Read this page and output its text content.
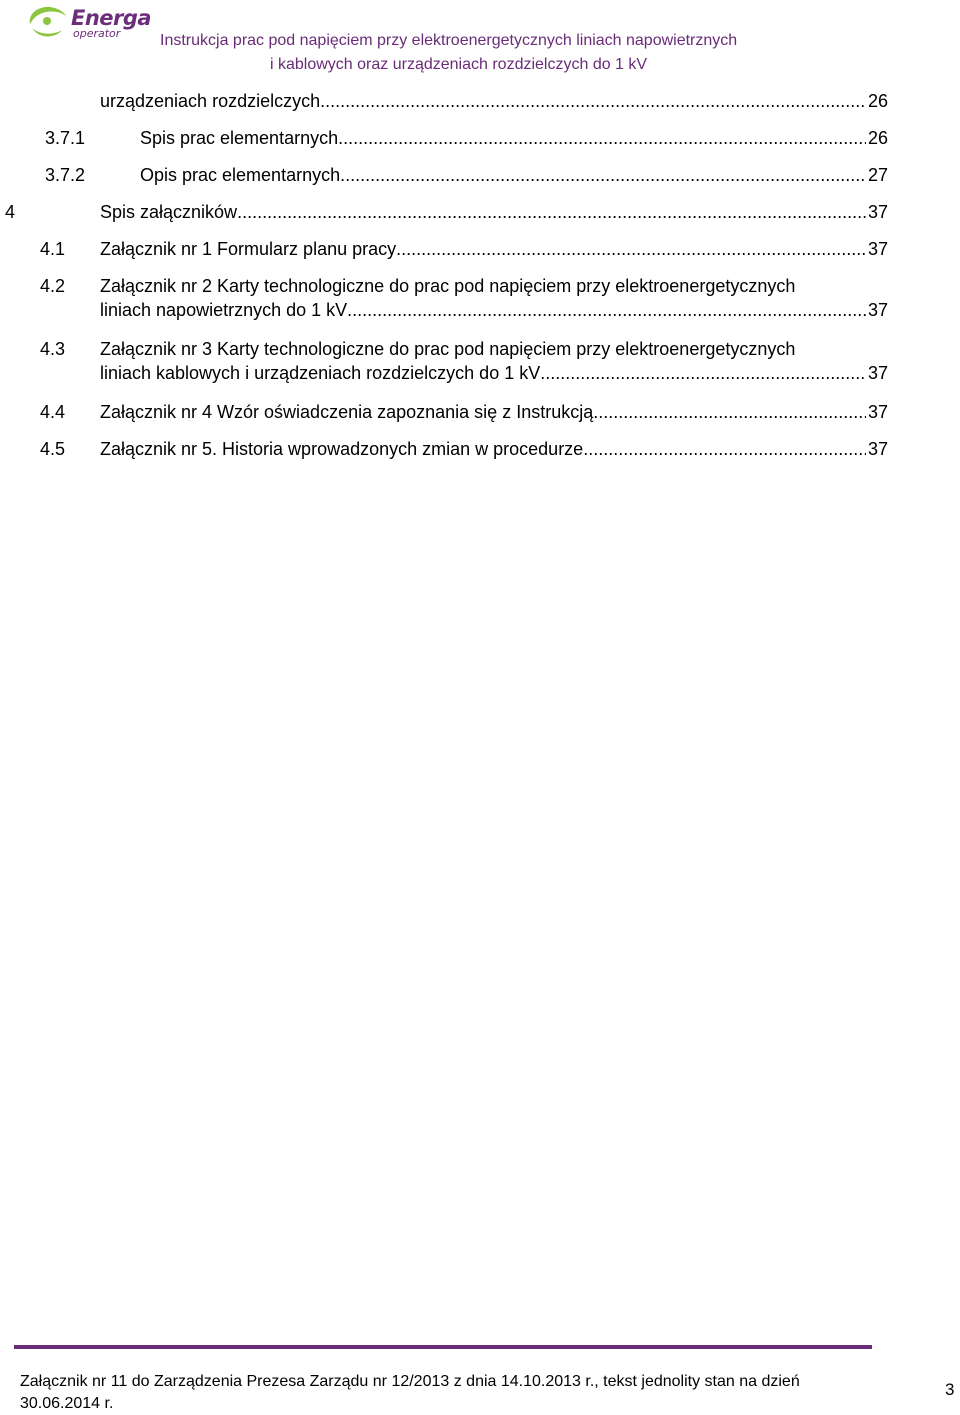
Energa
operator Instrukcja prac pod napięciem przy elektroenergetycznych liniach napowietrznych
i kablowych oraz urządzeniach rozdzielczych do 1 kV
urządzeniach rozdzielczych .....	26
3.7.1	Spis prac elementarnych .....	26
3.7.2	Opis prac elementarnych .....	27
4	Spis załączników .....	37
4.1 Załącznik nr 1 Formularz planu pracy .....	37
4.2 Załącznik nr 2 Karty technologiczne do prac pod napięciem przy elektroenergetycznych
liniach napowietrznych do 1 kV .....	37
4.3 Załącznik nr 3 Karty technologiczne do prac pod napięciem przy elektroenergetycznych
liniach kablowych i urządzeniach rozdzielczych do 1 kV .....	37
4.4 Załącznik nr 4 Wzór oświadczenia zapoznania się z Instrukcją .....	37
4.5 Załącznik nr 5. Historia wprowadzonych zmian w procedurze .....	37
Załącznik nr 11 do Zarządzenia Prezesa Zarządu nr 12/2013 z dnia 14.10.2013 r., tekst jednolity stan na dzień
30.06.2014 r.
3
